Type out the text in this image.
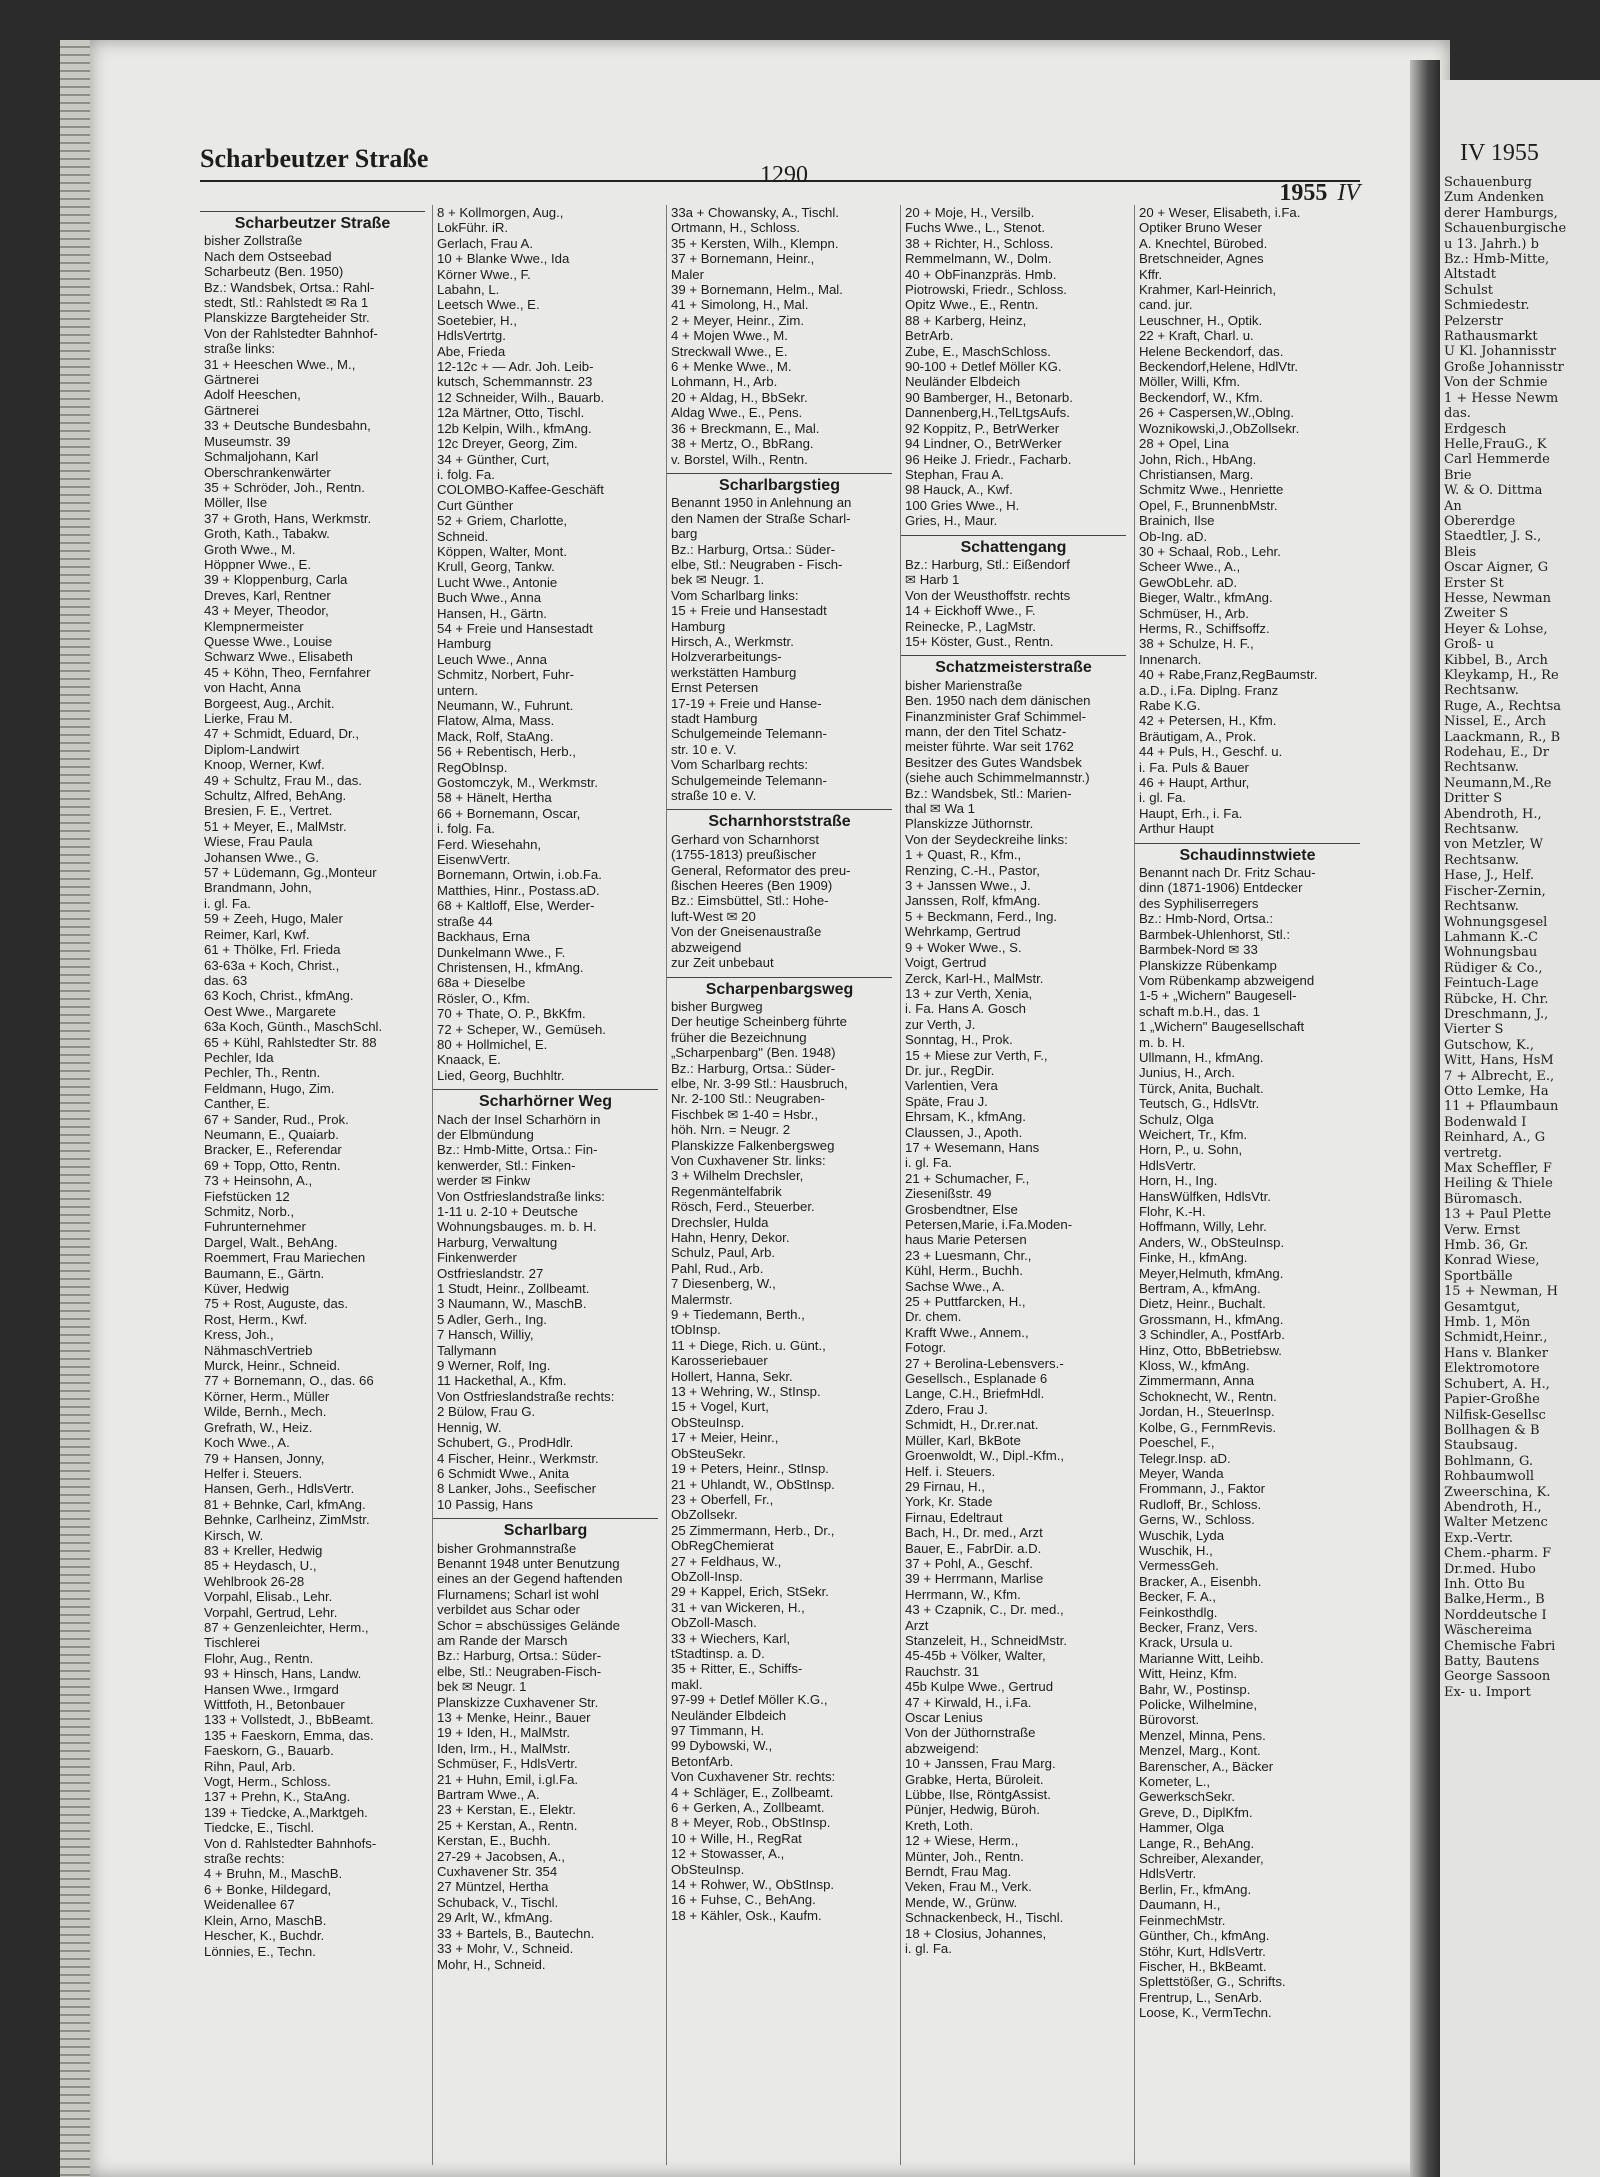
Scharbeutzer Straße
1290
1955 IV
Scharbeutzer Straße
bisher Zollstraße
Nach dem Ostseebad
Scharbeutz (Ben. 1950)
Bz.: Wandsbek, Ortsa.: Rahl-
stedt, Stl.: Rahlstedt ✉ Ra 1
Planskizze Bargteheider Str.
Von der Rahlstedter Bahnhof-
straße links:
31 + Heeschen Wwe., M.,
Gärtnerei
Adolf Heeschen,
Gärtnerei
33 + Deutsche Bundesbahn,
Museumstr. 39
Schmaljohann, Karl
Oberschrankenwärter
35 + Schröder, Joh., Rentn.
Möller, Ilse
37 + Groth, Hans, Werkmstr.
Groth, Kath., Tabakw.
Groth Wwe., M.
Höppner Wwe., E.
39 + Kloppenburg, Carla
Dreves, Karl, Rentner
43 + Meyer, Theodor,
Klempnermeister
Quesse Wwe., Louise
Schwarz Wwe., Elisabeth
45 + Köhn, Theo, Fernfahrer
von Hacht, Anna
Borgeest, Aug., Archit.
Lierke, Frau M.
47 + Schmidt, Eduard, Dr.,
Diplom-Landwirt
Knoop, Werner, Kwf.
49 + Schultz, Frau M., das.
Schultz, Alfred, BehAng.
Bresien, F. E., Vertret.
51 + Meyer, E., MalMstr.
Wiese, Frau Paula
Johansen Wwe., G.
57 + Lüdemann, Gg.,Monteur
Brandmann, John,
i. gl. Fa.
59 + Zeeh, Hugo, Maler
Reimer, Karl, Kwf.
61 + Thölke, Frl. Frieda
63-63a + Koch, Christ.,
das. 63
63 Koch, Christ., kfmAng.
Oest Wwe., Margarete
63a Koch, Günth., MaschSchl.
65 + Kühl, Rahlstedter Str. 88
Pechler, Ida
Pechler, Th., Rentn.
Feldmann, Hugo, Zim.
Canther, E.
67 + Sander, Rud., Prok.
Neumann, E., Quaiarb.
Bracker, E., Referendar
69 + Topp, Otto, Rentn.
73 + Heinsohn, A.,
Fiefstücken 12
Schmitz, Norb.,
Fuhrunternehmer
Dargel, Walt., BehAng.
Roemmert, Frau Mariechen
Baumann, E., Gärtn.
Küver, Hedwig
75 + Rost, Auguste, das.
Rost, Herm., Kwf.
Kress, Joh.,
NähmaschVertrieb
Murck, Heinr., Schneid.
77 + Bornemann, O., das. 66
Körner, Herm., Müller
Wilde, Bernh., Mech.
Grefrath, W., Heiz.
Koch Wwe., A.
79 + Hansen, Jonny,
Helfer i. Steuers.
Hansen, Gerh., HdlsVertr.
81 + Behnke, Carl, kfmAng.
Behnke, Carlheinz, ZimMstr.
Kirsch, W.
83 + Kreller, Hedwig
85 + Heydasch, U.,
Wehlbrook 26-28
Vorpahl, Elisab., Lehr.
Vorpahl, Gertrud, Lehr.
87 + Genzenleichter, Herm.,
Tischlerei
Flohr, Aug., Rentn.
93 + Hinsch, Hans, Landw.
Hansen Wwe., Irmgard
Wittfoth, H., Betonbauer
133 + Vollstedt, J., BbBeamt.
135 + Faeskorn, Emma, das.
Faeskorn, G., Bauarb.
Rihn, Paul, Arb.
Vogt, Herm., Schloss.
137 + Prehn, K., StaAng.
139 + Tiedcke, A.,Marktgeh.
Tiedcke, E., Tischl.
Von d. Rahlstedter Bahnhofs-
straße rechts:
4 + Bruhn, M., MaschB.
6 + Bonke, Hildegard,
Weidenallee 67
Klein, Arno, MaschB.
Hescher, K., Buchdr.
Lönnies, E., Techn.
8 + Kollmorgen, Aug.,
LokFühr. iR.
Gerlach, Frau A.
10 + Blanke Wwe., Ida
Körner Wwe., F.
Labahn, L.
Leetsch Wwe., E.
Soetebier, H.,
HdlsVertrtg.
Abe, Frieda
12-12c + — Adr. Joh. Leib-
kutsch, Schemmannstr. 23
12 Schneider, Wilh., Bauarb.
12a Märtner, Otto, Tischl.
12b Kelpin, Wilh., kfmAng.
12c Dreyer, Georg, Zim.
34 + Günther, Curt,
i. folg. Fa.
COLOMBO-Kaffee-Geschäft
Curt Günther
52 + Griem, Charlotte,
Schneid.
Köppen, Walter, Mont.
Krull, Georg, Tankw.
Lucht Wwe., Antonie
Buch Wwe., Anna
Hansen, H., Gärtn.
54 + Freie und Hansestadt
Hamburg
Leuch Wwe., Anna
Schmitz, Norbert, Fuhr-
untern.
Neumann, W., Fuhrunt.
Flatow, Alma, Mass.
Mack, Rolf, StaAng.
56 + Rebentisch, Herb.,
RegObInsp.
Gostomczyk, M., Werkmstr.
58 + Hänelt, Hertha
66 + Bornemann, Oscar,
i. folg. Fa.
Ferd. Wiesehahn,
EisenwVertr.
Bornemann, Ortwin, i.ob.Fa.
Matthies, Hinr., Postass.aD.
68 + Kaltloff, Else, Werder-
straße 44
Backhaus, Erna
Dunkelmann Wwe., F.
Christensen, H., kfmAng.
68a + Dieselbe
Rösler, O., Kfm.
70 + Thate, O. P., BkKfm.
72 + Scheper, W., Gemüseh.
80 + Hollmichel, E.
Knaack, E.
Lied, Georg, Buchhltr.
Scharhörner Weg
Nach der Insel Scharhörn in
der Elbmündung
Bz.: Hmb-Mitte, Ortsa.: Fin-
kenwerder, Stl.: Finken-
werder ✉ Finkw
Von Ostfrieslandstraße links:
1-11 u. 2-10 + Deutsche
Wohnungsbauges. m. b. H.
Harburg, Verwaltung
Finkenwerder
Ostfrieslandstr. 27
1 Studt, Heinr., Zollbeamt.
3 Naumann, W., MaschB.
5 Adler, Gerh., Ing.
7 Hansch, Williy,
Tallymann
9 Werner, Rolf, Ing.
11 Hackethal, A., Kfm.
Von Ostfrieslandstraße rechts:
2 Bülow, Frau G.
Hennig, W.
Schubert, G., ProdHdlr.
4 Fischer, Heinr., Werkmstr.
6 Schmidt Wwe., Anita
8 Lanker, Johs., Seefischer
10 Passig, Hans
Scharlbarg
bisher Grohmannstraße
Benannt 1948 unter Benutzung
eines an der Gegend haftenden
Flurnamens; Scharl ist wohl
verbildet aus Schar oder
Schor = abschüssiges Gelände
am Rande der Marsch
Bz.: Harburg, Ortsa.: Süder-
elbe, Stl.: Neugraben-Fisch-
bek ✉ Neugr. 1
Planskizze Cuxhavener Str.
13 + Menke, Heinr., Bauer
19 + Iden, H., MalMstr.
Iden, Irm., H., MalMstr.
Schmüser, F., HdlsVertr.
21 + Huhn, Emil, i.gl.Fa.
Bartram Wwe., A.
23 + Kerstan, E., Elektr.
25 + Kerstan, A., Rentn.
Kerstan, E., Buchh.
27-29 + Jacobsen, A.,
Cuxhavener Str. 354
27 Müntzel, Hertha
Schuback, V., Tischl.
29 Arlt, W., kfmAng.
33 + Bartels, B., Bautechn.
33 + Mohr, V., Schneid.
Mohr, H., Schneid.
33a + Chowansky, A., Tischl.
Ortmann, H., Schloss.
35 + Kersten, Wilh., Klempn.
37 + Bornemann, Heinr.,
Maler
39 + Bornemann, Helm., Mal.
41 + Simolong, H., Mal.
2 + Meyer, Heinr., Zim.
4 + Mojen Wwe., M.
Streckwall Wwe., E.
6 + Menke Wwe., M.
Lohmann, H., Arb.
20 + Aldag, H., BbSekr.
Aldag Wwe., E., Pens.
36 + Breckmann, E., Mal.
38 + Mertz, O., BbRang.
v. Borstel, Wilh., Rentn.
Scharlbargstieg
Benannt 1950 in Anlehnung an
den Namen der Straße Scharl-
barg
Bz.: Harburg, Ortsa.: Süder-
elbe, Stl.: Neugraben - Fisch-
bek ✉ Neugr. 1.
Vom Scharlbarg links:
15 + Freie und Hansestadt
Hamburg
Hirsch, A., Werkmstr.
Holzverarbeitungs-
werkstätten Hamburg
Ernst Petersen
17-19 + Freie und Hanse-
stadt Hamburg
Schulgemeinde Telemann-
str. 10 e. V.
Vom Scharlbarg rechts:
Schulgemeinde Telemann-
straße 10 e. V.
Scharnhorststraße
Gerhard von Scharnhorst
(1755-1813) preußischer
General, Reformator des preu-
ßischen Heeres (Ben 1909)
Bz.: Eimsbüttel, Stl.: Hohe-
luft-West ✉ 20
Von der Gneisenaustraße
abzweigend
zur Zeit unbebaut
Scharpenbargsweg
bisher Burgweg
Der heutige Scheinberg führte
früher die Bezeichnung
„Scharpenbarg" (Ben. 1948)
Bz.: Harburg, Ortsa.: Süder-
elbe, Nr. 3-99 Stl.: Hausbruch,
Nr. 2-100 Stl.: Neugraben-
Fischbek ✉ 1-40 = Hsbr.,
höh. Nrn. = Neugr. 2
Planskizze Falkenbergsweg
Von Cuxhavener Str. links:
3 + Wilhelm Drechsler,
Regenmäntelfabrik
Rösch, Ferd., Steuerber.
Drechsler, Hulda
Hahn, Henry, Dekor.
Schulz, Paul, Arb.
Pahl, Rud., Arb.
7 Diesenberg, W.,
Malermstr.
9 + Tiedemann, Berth.,
tObInsp.
11 + Diege, Rich. u. Günt.,
Karosseriebauer
Hollert, Hanna, Sekr.
13 + Wehring, W., StInsp.
15 + Vogel, Kurt,
ObSteuInsp.
17 + Meier, Heinr.,
ObSteuSekr.
19 + Peters, Heinr., StInsp.
21 + Uhlandt, W., ObStInsp.
23 + Oberfell, Fr.,
ObZollsekr.
25 Zimmermann, Herb., Dr.,
ObRegChemierat
27 + Feldhaus, W.,
ObZoll-Insp.
29 + Kappel, Erich, StSekr.
31 + van Wickeren, H.,
ObZoll-Masch.
33 + Wiechers, Karl,
tStadtinsp. a. D.
35 + Ritter, E., Schiffs-
makl.
97-99 + Detlef Möller K.G.,
Neuländer Elbdeich
97 Timmann, H.
99 Dybowski, W.,
BetonfArb.
Von Cuxhavener Str. rechts:
4 + Schläger, E., Zollbeamt.
6 + Gerken, A., Zollbeamt.
8 + Meyer, Rob., ObStInsp.
10 + Wille, H., RegRat
12 + Stowasser, A.,
ObSteuInsp.
14 + Rohwer, W., ObStInsp.
16 + Fuhse, C., BehAng.
18 + Kähler, Osk., Kaufm.
20 + Moje, H., Versilb.
Fuchs Wwe., L., Stenot.
38 + Richter, H., Schloss.
Remmelmann, W., Dolm.
40 + ObFinanzpräs. Hmb.
Piotrowski, Friedr., Schloss.
Opitz Wwe., E., Rentn.
88 + Karberg, Heinz,
BetrArb.
Zube, E., MaschSchloss.
90-100 + Detlef Möller KG.
Neuländer Elbdeich
90 Bamberger, H., Betonarb.
Dannenberg,H.,TelLtgsAufs.
92 Koppitz, P., BetrWerker
94 Lindner, O., BetrWerker
96 Heike J. Friedr., Facharb.
Stephan, Frau A.
98 Hauck, A., Kwf.
100 Gries Wwe., H.
Gries, H., Maur.
Schattengang
Bz.: Harburg, Stl.: Eißendorf
✉ Harb 1
Von der Weusthoffstr. rechts
14 + Eickhoff Wwe., F.
Reinecke, P., LagMstr.
15+ Köster, Gust., Rentn.
Schatzmeisterstraße
bisher Marienstraße
Ben. 1950 nach dem dänischen
Finanzminister Graf Schimmel-
mann, der den Titel Schatz-
meister führte. War seit 1762
Besitzer des Gutes Wandsbek
(siehe auch Schimmelmannstr.)
Bz.: Wandsbek, Stl.: Marien-
thal ✉ Wa 1
Planskizze Jüthornstr.
Von der Seydeckreihe links:
1 + Quast, R., Kfm.,
Renzing, C.-H., Pastor,
3 + Janssen Wwe., J.
Janssen, Rolf, kfmAng.
5 + Beckmann, Ferd., Ing.
Wehrkamp, Gertrud
9 + Woker Wwe., S.
Voigt, Gertrud
Zerck, Karl-H., MalMstr.
13 + zur Verth, Xenia,
i. Fa. Hans A. Gosch
zur Verth, J.
Sonntag, H., Prok.
15 + Miese zur Verth, F.,
Dr. jur., RegDir.
Varlentien, Vera
Späte, Frau J.
Ehrsam, K., kfmAng.
Claussen, J., Apoth.
17 + Wesemann, Hans
i. gl. Fa.
21 + Schumacher, F.,
Ziesenißstr. 49
Grosbendtner, Else
Petersen,Marie, i.Fa.Moden-
haus Marie Petersen
23 + Luesmann, Chr.,
Kühl, Herm., Buchh.
Sachse Wwe., A.
25 + Puttfarcken, H.,
Dr. chem.
Krafft Wwe., Annem.,
Fotogr.
27 + Berolina-Lebensvers.-
Gesellsch., Esplanade 6
Lange, C.H., BriefmHdl.
Zdero, Frau J.
Schmidt, H., Dr.rer.nat.
Müller, Karl, BkBote
Groenwoldt, W., Dipl.-Kfm.,
Helf. i. Steuers.
29 Firnau, H.,
York, Kr. Stade
Firnau, Edeltraut
Bach, H., Dr. med., Arzt
Bauer, E., FabrDir. a.D.
37 + Pohl, A., Geschf.
39 + Herrmann, Marlise
Herrmann, W., Kfm.
43 + Czapnik, C., Dr. med.,
Arzt
Stanzeleit, H., SchneidMstr.
45-45b + Völker, Walter,
Rauchstr. 31
45b Kulpe Wwe., Gertrud
47 + Kirwald, H., i.Fa.
Oscar Lenius
Von der Jüthornstraße
abzweigend:
10 + Janssen, Frau Marg.
Grabke, Herta, Büroleit.
Lübbe, Ilse, RöntgAssist.
Pünjer, Hedwig, Büroh.
Kreth, Loth.
12 + Wiese, Herm.,
Münter, Joh., Rentn.
Berndt, Frau Mag.
Veken, Frau M., Verk.
Mende, W., Grünw.
Schnackenbeck, H., Tischl.
18 + Closius, Johannes,
i. gl. Fa.
20 + Weser, Elisabeth, i.Fa.
Optiker Bruno Weser
A. Knechtel, Bürobed.
Bretschneider, Agnes
Kffr.
Krahmer, Karl-Heinrich,
cand. jur.
Leuschner, H., Optik.
22 + Kraft, Charl. u.
Helene Beckendorf, das.
Beckendorf,Helene, HdlVtr.
Möller, Willi, Kfm.
Beckendorf, W., Kfm.
26 + Caspersen,W.,Oblng.
Woznikowski,J.,ObZollsekr.
28 + Opel, Lina
John, Rich., HbAng.
Christiansen, Marg.
Schmitz Wwe., Henriette
Opel, F., BrunnenbMstr.
Brainich, Ilse
Ob-Ing. aD.
30 + Schaal, Rob., Lehr.
Scheer Wwe., A.,
GewObLehr. aD.
Bieger, Waltr., kfmAng.
Schmüser, H., Arb.
Herms, R., Schiffsoffz.
38 + Schulze, H. F.,
Innenarch.
40 + Rabe,Franz,RegBaumstr.
a.D., i.Fa. Diplng. Franz
Rabe K.G.
42 + Petersen, H., Kfm.
Bräutigam, A., Prok.
44 + Puls, H., Geschf. u.
i. Fa. Puls & Bauer
46 + Haupt, Arthur,
i. gl. Fa.
Haupt, Erh., i. Fa.
Arthur Haupt
Schaudinnstwiete
Benannt nach Dr. Fritz Schau-
dinn (1871-1906) Entdecker
des Syphiliserregers
Bz.: Hmb-Nord, Ortsa.:
Barmbek-Uhlenhorst, Stl.:
Barmbek-Nord ✉ 33
Planskizze Rübenkamp
Vom Rübenkamp abzweigend
1-5 + „Wichern" Baugesell-
schaft m.b.H., das. 1
1 „Wichern" Baugesellschaft
m. b. H.
Ullmann, H., kfmAng.
Junius, H., Arch.
Türck, Anita, Buchalt.
Teutsch, G., HdlsVtr.
Schulz, Olga
Weichert, Tr., Kfm.
Horn, P., u. Sohn,
HdlsVertr.
Horn, H., Ing.
HansWülfken, HdlsVtr.
Flohr, K.-H.
Hoffmann, Willy, Lehr.
Anders, W., ObSteuInsp.
Finke, H., kfmAng.
Meyer,Helmuth, kfmAng.
Bertram, A., kfmAng.
Dietz, Heinr., Buchalt.
Grossmann, H., kfmAng.
3 Schindler, A., PostfArb.
Hinz, Otto, BbBetriebsw.
Kloss, W., kfmAng.
Zimmermann, Anna
Schoknecht, W., Rentn.
Jordan, H., SteuerInsp.
Kolbe, G., FernmRevis.
Poeschel, F.,
Telegr.Insp. aD.
Meyer, Wanda
Frommann, J., Faktor
Rudloff, Br., Schloss.
Gerns, W., Schloss.
Wuschik, Lyda
Wuschik, H.,
VermessGeh.
Bracker, A., Eisenbh.
Becker, F. A.,
Feinkosthdlg.
Becker, Franz, Vers.
Krack, Ursula u.
Marianne Witt, Leihb.
Witt, Heinz, Kfm.
Bahr, W., Postinsp.
Policke, Wilhelmine,
Bürovorst.
Menzel, Minna, Pens.
Menzel, Marg., Kont.
Barenscher, A., Bäcker
Kometer, L.,
GewerkschSekr.
Greve, D., DiplKfm.
Hammer, Olga
Lange, R., BehAng.
Schreiber, Alexander,
HdlsVertr.
Berlin, Fr., kfmAng.
Daumann, H.,
FeinmechMstr.
Günther, Ch., kfmAng.
Stöhr, Kurt, HdlsVertr.
Fischer, H., BkBeamt.
Splettstößer, G., Schrifts.
Frentrup, L., SenArb.
Loose, K., VermTechn.
IV 1955
Schauenburg
Zum Andenken
derer Hamburgs,
Schauenburgische
u 13. Jahrh.) b
Bz.: Hmb-Mitte,
Altstadt
Schulst
Schmiedestr.
Pelzerstr
Rathausmarkt
U Kl. Johannisstr
Große Johannisstr
Von der Schmie
1 + Hesse Newm
das.
Erdgesch
Helle,FrauG., K
Carl Hemmerde
Brie
W. & O. Dittma
An
Obererdge
Staedtler, J. S.,
Bleis
Oscar Aigner, G
Erster St
Hesse, Newman
Zweiter S
Heyer & Lohse,
Groß- u
Kibbel, B., Arch
Kleykamp, H., Re
Rechtsanw.
Ruge, A., Rechtsa
Nissel, E., Arch
Laackmann, R., B
Rodehau, E., Dr
Rechtsanw.
Neumann,M.,Re
Dritter S
Abendroth, H.,
Rechtsanw.
von Metzler, W
Rechtsanw.
Hase, J., Helf.
Fischer-Zernin,
Rechtsanw.
Wohnungsgesel
Lahmann K.-C
Wohnungsbau
Rüdiger & Co.,
Feintuch-Lage
Rübcke, H. Chr.
Dreschmann, J.,
Vierter S
Gutschow, K.,
Witt, Hans, HsM
7 + Albrecht, E.,
Otto Lemke, Ha
11 + Pflaumbaun
Bodenwald I
Reinhard, A., G
vertretg.
Max Scheffler, F
Heiling & Thiele
Büromasch.
13 + Paul Plette
Verw. Ernst
Hmb. 36, Gr.
Konrad Wiese,
Sportbälle
15 + Newman, H
Gesamtgut,
Hmb. 1, Mön
Schmidt,Heinr.,
Hans v. Blanker
Elektromotore
Schubert, A. H.,
Papier-Großhe
Nilfisk-Gesellsc
Bollhagen & B
Staubsaug.
Bohlmann, G.
Rohbaumwoll
Zweerschina, K.
Abendroth, H.,
Walter Metzenc
Exp.-Vertr.
Chem.-pharm. F
Dr.med. Hubo
Inh. Otto Bu
Balke,Herm., B
Norddeutsche I
Wäschereima
Chemische Fabri
Batty, Bautens
George Sassoon
Ex- u. Import
